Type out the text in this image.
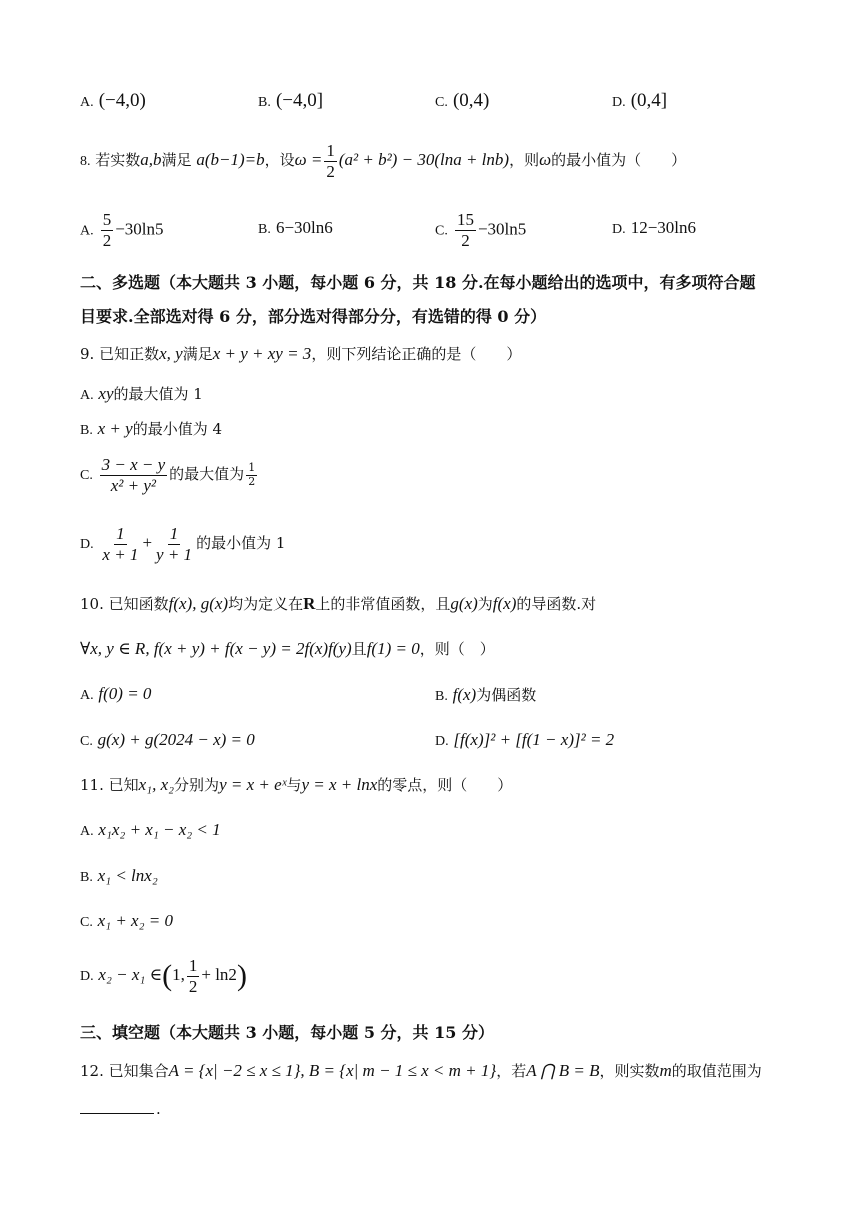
A. (−4,0)	B. (−4,0]	C. (0,4)	D. (0,4]
8. 若实数a,b满足 a(b−1)=b，设$\omega = \frac{1}{2} (a^2 + b^2) - 30(\ln a + \ln b)$，则ω的最小值为（　　）
A. $\frac{5}{2} -30\ln 5$	B. 6−30ln6	C. $\frac{15}{2} -30\ln 5$	D. 12−30ln6
二、多选题（本大题共 3 小题，每小题 6 分，共 18 分.在每小题给出的选项中，有多项符合题
目要求.全部选对得 6 分，部分选对得部分分，有选错的得 0 分）
9. 已知正数x, y满足x + y + xy = 3，则下列结论正确的是（　　）
A. xy的最大值为 1
B. x + y的最小值为 4
C. $\frac{3 - x - y}{\text{x² + y²}}$ 的最大值为 $\frac{1}{2}$
D. $\frac{1}{x + 1} + \frac{1}{y + 1}$ 的最小值为 1
10. 已知函数f(x), g(x)均为定义在R上的非常值函数，且g(x)为f(x)的导函数.对
∀x, y ∈ R, f(x + y) + f(x − y) = 2f(x)f(y)且f(1) = 0，则（　）
A. f(0) = 0	B. f(x)为偶函数
C. g(x) + g(2024 − x) = 0	D. [f(x)]² + [f(1 − x)]² = 2
11. 已知x₁, x₂分别为y = x + eˣ与y = x + lnx的零点，则（　　）
A. x₁x₂ + x₁ − x₂ < 1
B. x₁ < lnx₂
C. x₁ + x₂ = 0
D. x₂ − x₁ ∈(1, $\frac{1}{2} + \ln 2$)
三、填空题（本大题共 3 小题，每小题 5 分，共 15 分）
12. 已知集合A = {x| −2 ≤ x ≤ 1}, B = {x| m − 1 ≤ x < m + 1}，若A ⋂ B = B，则实数m的取值范围为
.
